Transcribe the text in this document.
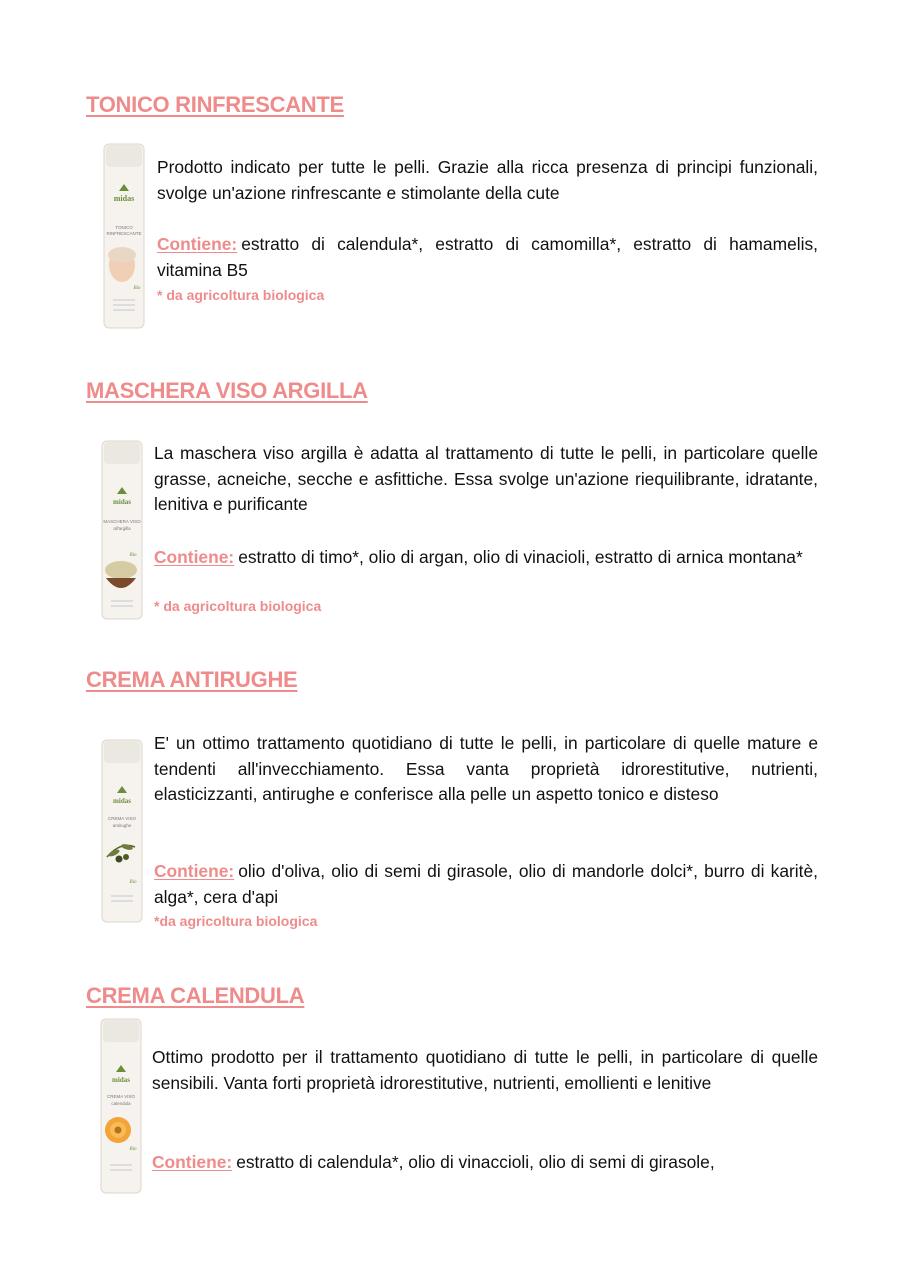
TONICO RINFRESCANTE
midas
TONICO
RINFRESCANTE
Bio

Prodotto indicato per tutte le pelli. Grazie alla ricca presenza di principi funzionali, svolge un'azione rinfrescante e stimolante della cute

Contiene: estratto di calendula*, estratto di camomilla*, estratto di hamamelis, vitamina B5

* da agricoltura biologica

MASCHERA VISO ARGILLA
midas
MASCHERA VISO
all'argilla
Bio

La maschera viso argilla è adatta al trattamento di tutte le pelli, in particolare quelle grasse, acneiche, secche e asfittiche. Essa svolge un'azione riequilibrante, idratante, lenitiva e purificante

Contiene: estratto di timo*, olio di argan, olio di vinacioli, estratto di arnica montana*

* da agricoltura biologica

CREMA ANTIRUGHE
midas
CREMA VISO
antirughe
Bio

E' un ottimo trattamento quotidiano di tutte le pelli, in particolare di quelle mature e tendenti all'invecchiamento. Essa vanta proprietà idrorestitutive, nutrienti, elasticizzanti, antirughe e conferisce alla pelle un aspetto tonico e disteso

Contiene: olio d'oliva, olio di semi di girasole, olio di mandorle dolci*, burro di karitè, alga*, cera d'api

*da agricoltura biologica

CREMA CALENDULA
midas
CREMA VISO
calendula
Bio

Ottimo prodotto per il trattamento quotidiano di tutte le pelli, in particolare di quelle sensibili. Vanta forti proprietà idrorestitutive, nutrienti, emollienti e lenitive

Contiene: estratto di calendula*, olio di vinaccioli, olio di semi di girasole,
